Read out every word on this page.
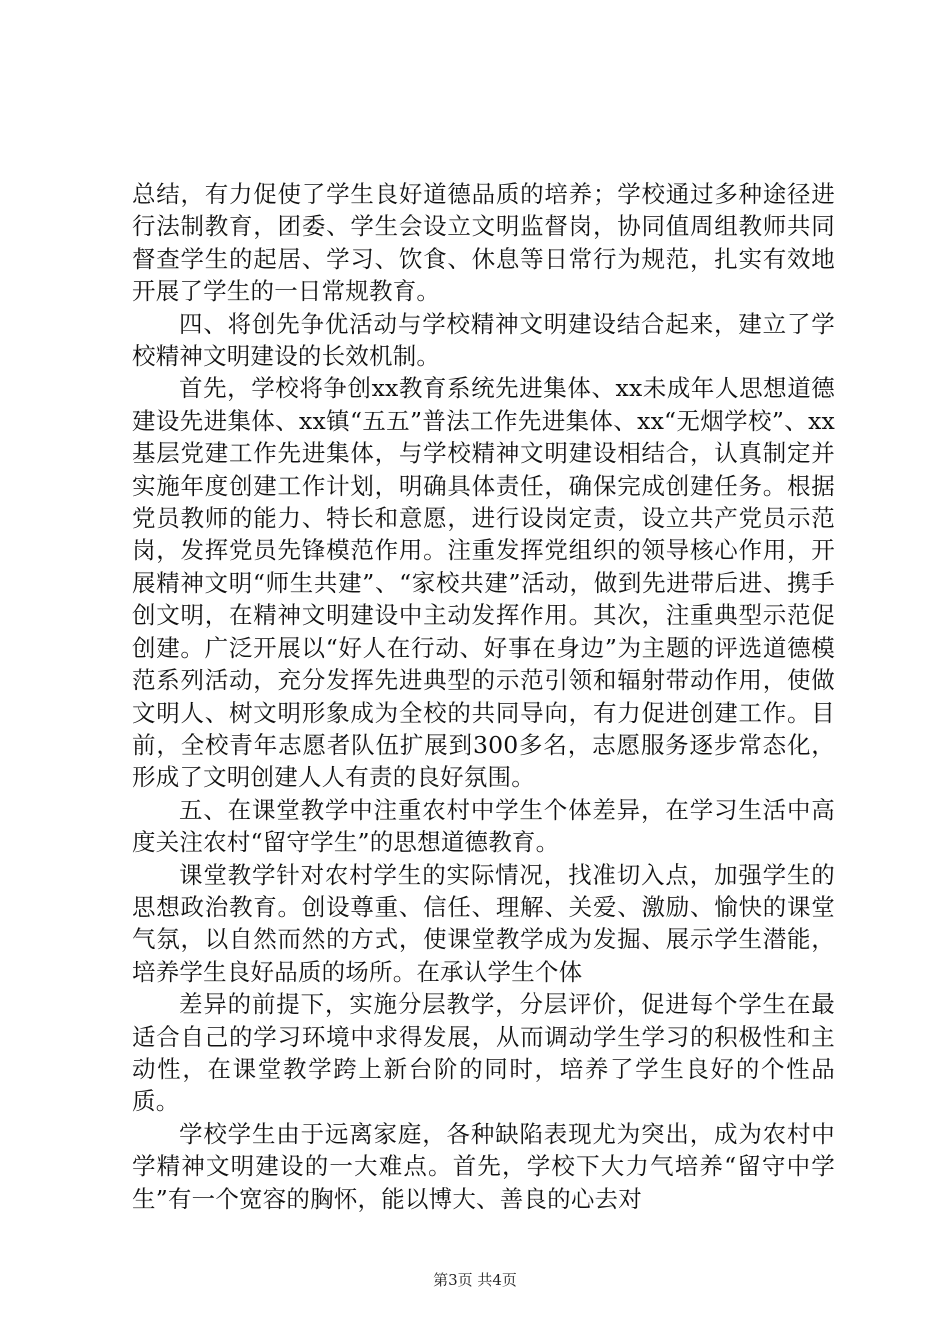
总结，有力促使了学生良好道德品质的培养；学校通过多种途径进行法制教育，团委、学生会设立文明监督岗，协同值周组教师共同督查学生的起居、学习、饮食、休息等日常行为规范，扎实有效地开展了学生的一日常规教育。

四、将创先争优活动与学校精神文明建设结合起来，建立了学校精神文明建设的长效机制。

首先，学校将争创xx教育系统先进集体、xx未成年人思想道德建设先进集体、xx镇“五五”普法工作先进集体、xx“无烟学校”、xx基层党建工作先进集体，与学校精神文明建设相结合，认真制定并实施年度创建工作计划，明确具体责任，确保完成创建任务。根据党员教师的能力、特长和意愿，进行设岗定责，设立共产党员示范岗，发挥党员先锋模范作用。注重发挥党组织的领导核心作用，开展精神文明“师生共建”、“家校共建”活动，做到先进带后进、携手创文明，在精神文明建设中主动发挥作用。其次，注重典型示范促创建。广泛开展以“好人在行动、好事在身边”为主题的评选道德模范系列活动，充分发挥先进典型的示范引领和辐射带动作用，使做文明人、树文明形象成为全校的共同导向，有力促进创建工作。目前，全校青年志愿者队伍扩展到300多名，志愿服务逐步常态化，形成了文明创建人人有责的良好氛围。

五、在课堂教学中注重农村中学生个体差异，在学习生活中高度关注农村“留守学生”的思想道德教育。

课堂教学针对农村学生的实际情况，找准切入点，加强学生的思想政治教育。创设尊重、信任、理解、关爱、激励、愉快的课堂气氛，以自然而然的方式，使课堂教学成为发掘、展示学生潜能，培养学生良好品质的场所。在承认学生个体

差异的前提下，实施分层教学，分层评价，促进每个学生在最适合自己的学习环境中求得发展，从而调动学生学习的积极性和主动性，在课堂教学跨上新台阶的同时，培养了学生良好的个性品质。

学校学生由于远离家庭，各种缺陷表现尤为突出，成为农村中学精神文明建设的一大难点。首先，学校下大力气培养“留守中学生”有一个宽容的胸怀，能以博大、善良的心去对

第3页 共4页
